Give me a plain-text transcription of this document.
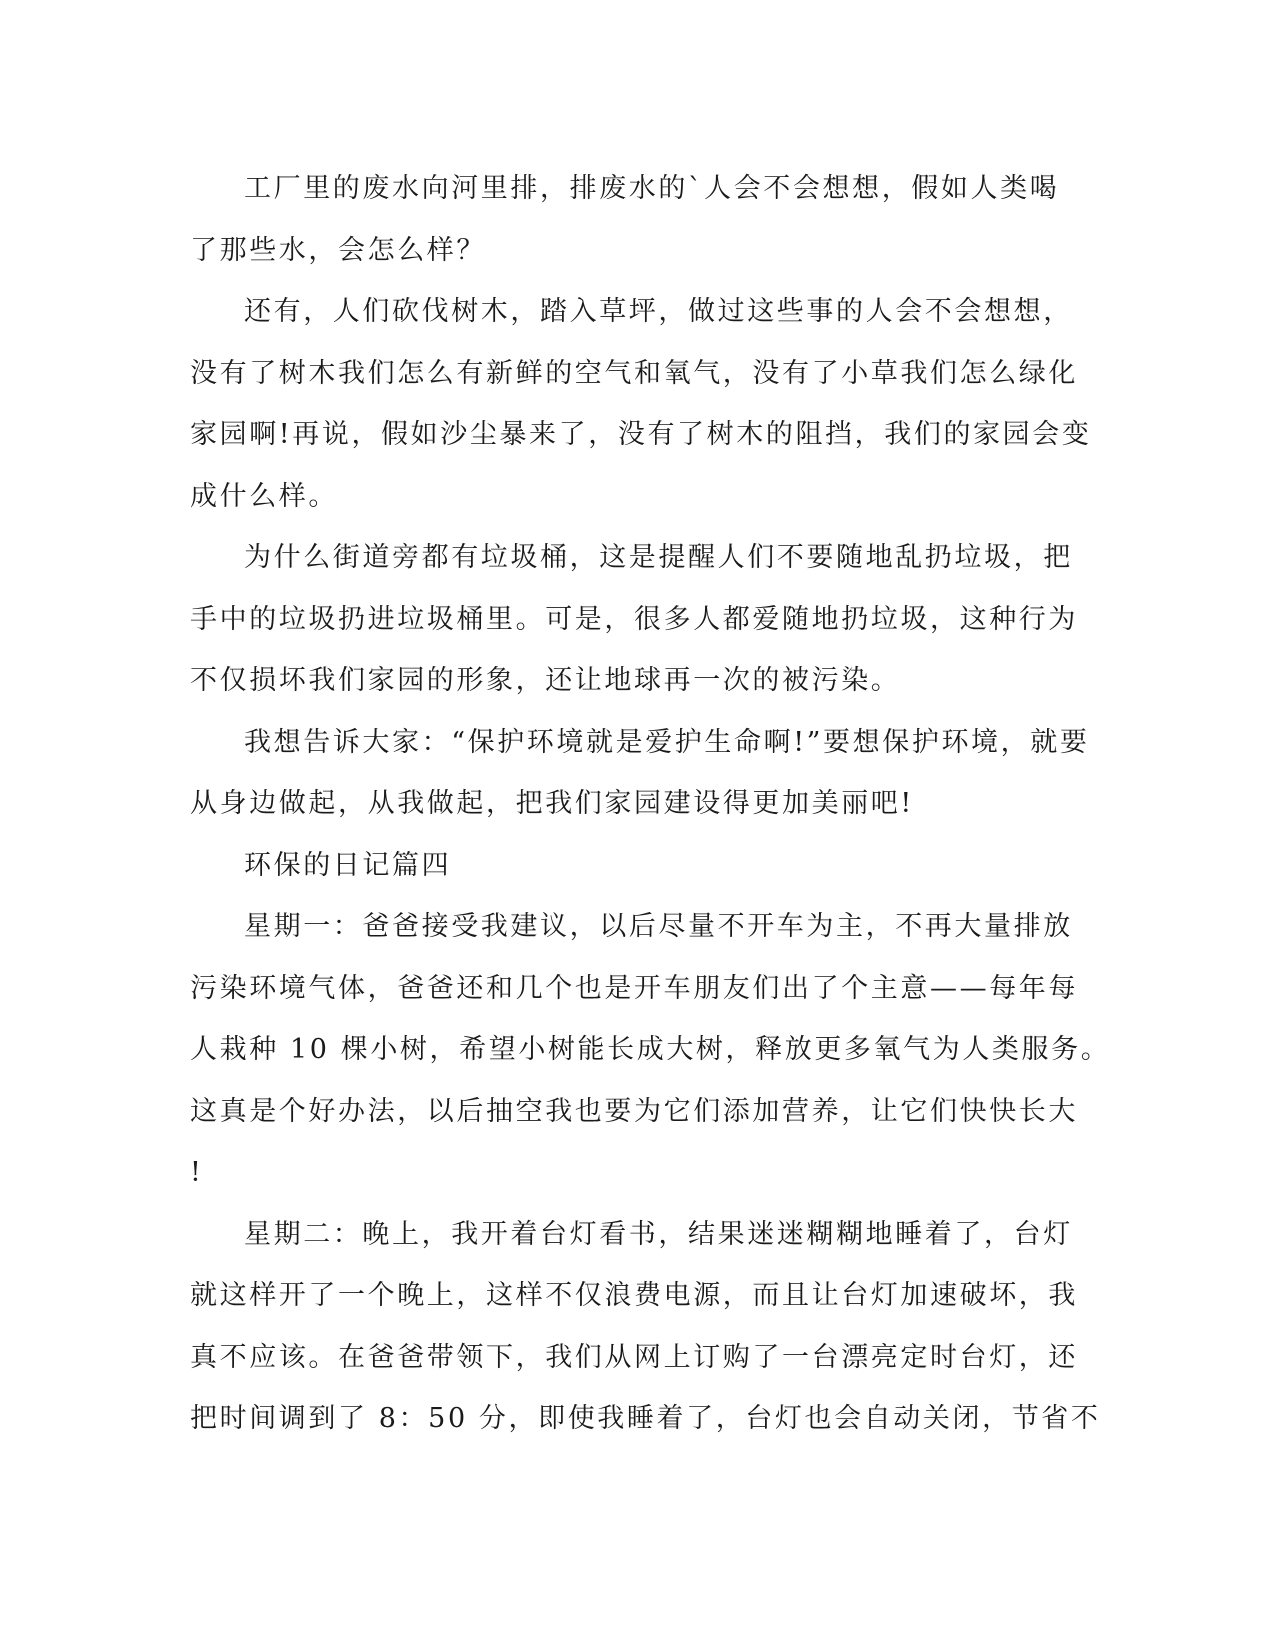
工厂里的废水向河里排，排废水的`人会不会想想，假如人类喝
了那些水，会怎么样？

还有，人们砍伐树木，踏入草坪，做过这些事的人会不会想想，
没有了树木我们怎么有新鲜的空气和氧气，没有了小草我们怎么绿化
家园啊!再说，假如沙尘暴来了，没有了树木的阻挡，我们的家园会变
成什么样。

为什么街道旁都有垃圾桶，这是提醒人们不要随地乱扔垃圾，把
手中的垃圾扔进垃圾桶里。可是，很多人都爱随地扔垃圾，这种行为
不仅损坏我们家园的形象，还让地球再一次的被污染。

我想告诉大家：“保护环境就是爱护生命啊!”要想保护环境，就要
从身边做起，从我做起，把我们家园建设得更加美丽吧!

环保的日记篇四

星期一：爸爸接受我建议，以后尽量不开车为主，不再大量排放
污染环境气体，爸爸还和几个也是开车朋友们出了个主意——每年每
人栽种 10 棵小树，希望小树能长成大树，释放更多氧气为人类服务。
这真是个好办法，以后抽空我也要为它们添加营养，让它们快快长大
!

星期二：晚上，我开着台灯看书，结果迷迷糊糊地睡着了，台灯
就这样开了一个晚上，这样不仅浪费电源，而且让台灯加速破坏，我
真不应该。在爸爸带领下，我们从网上订购了一台漂亮定时台灯，还
把时间调到了 8：50 分，即使我睡着了，台灯也会自动关闭，节省不
